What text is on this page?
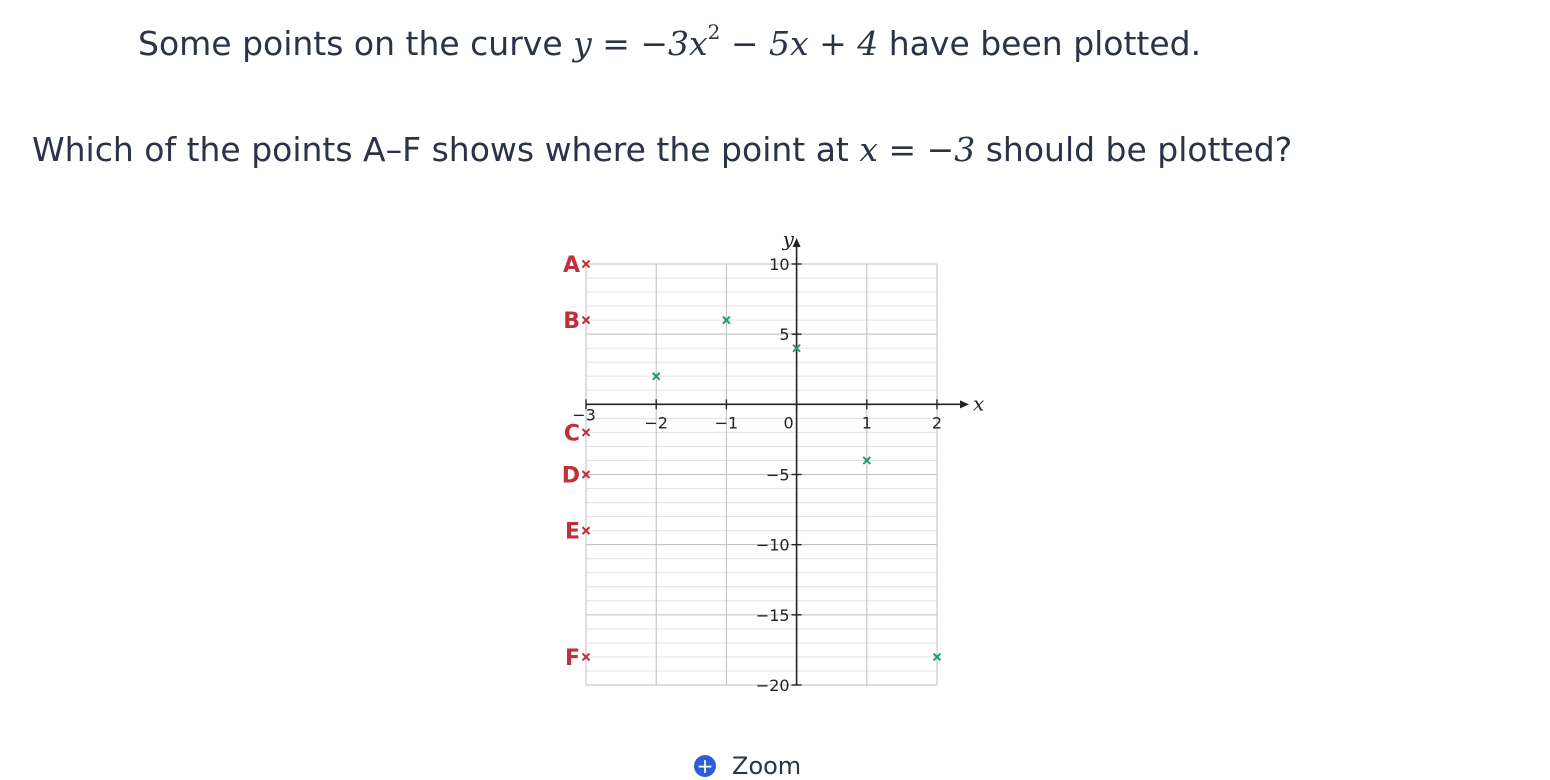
Some points on the curve $y = -3x^2 - 5x + 4$ have been plotted.
Which of the points A–F shows where the point at x = −3 should be plotted?
x
y
−3	−2	−1	0	1	2
10
5
−5
−10
−15
−20
A
B
C
D
E
F
+ Zoom
